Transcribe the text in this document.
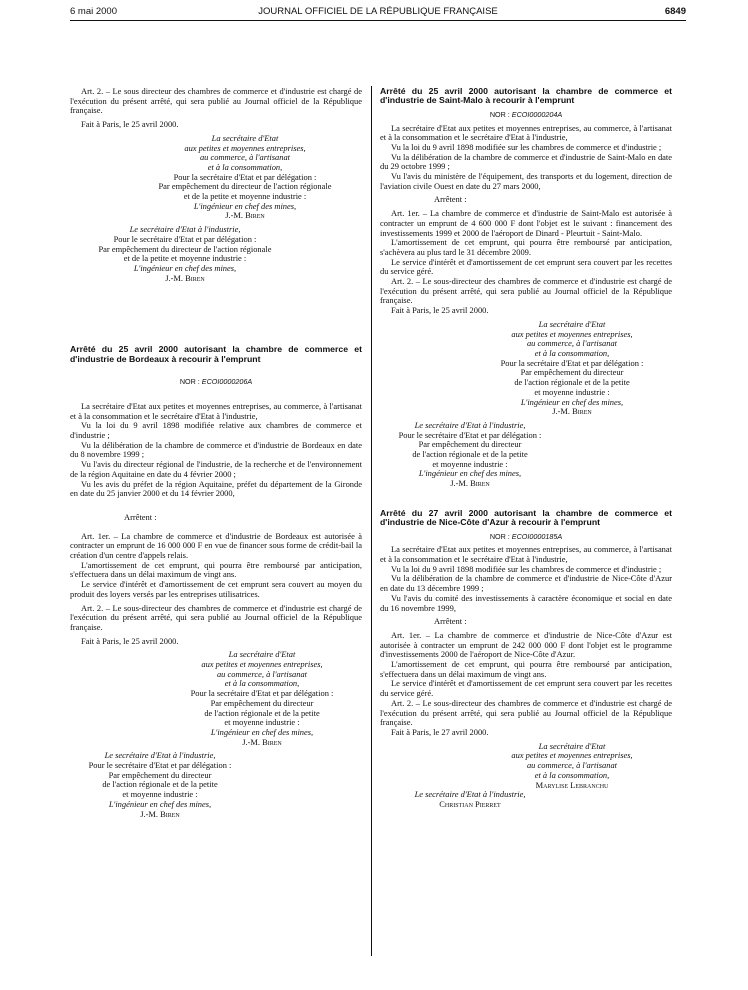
6 mai 2000	JOURNAL OFFICIEL DE LA RÉPUBLIQUE FRANÇAISE	6849

Art. 2. – Le sous directeur des chambres de commerce et d'industrie est chargé de l'exécution du présent arrêté, qui sera publié au Journal officiel de la République française.

Fait à Paris, le 25 avril 2000.

La secrétaire d'Etat
aux petites et moyennes entreprises,
au commerce, à l'artisanat
et à la consommation,
Pour la secrétaire d'Etat et par délégation :
Par empêchement du directeur de l'action régionale
et de la petite et moyenne industrie :
L'ingénieur en chef des mines,
J.-M. Biren
Le secrétaire d'Etat à l'industrie,
Pour le secrétaire d'Etat et par délégation :
Par empêchement du directeur de l'action régionale
et de la petite et moyenne industrie :
L'ingénieur en chef des mines,
J.-M. Biren

Arrêté du 25 avril 2000 autorisant la chambre de commerce et d'industrie de Bordeaux à recourir à l'emprunt

NOR : ECOI0000206A

La secrétaire d'Etat aux petites et moyennes entreprises, au commerce, à l'artisanat et à la consommation et le secrétaire d'Etat à l'industrie,

Vu la loi du 9 avril 1898 modifiée relative aux chambres de commerce et d'industrie ;

Vu la délibération de la chambre de commerce et d'industrie de Bordeaux en date du 8 novembre 1999 ;

Vu l'avis du directeur régional de l'industrie, de la recherche et de l'environnement de la région Aquitaine en date du 4 février 2000 ;

Vu les avis du préfet de la région Aquitaine, préfet du département de la Gironde en date du 25 janvier 2000 et du 14 février 2000,

Arrêtent :

Art. 1er. – La chambre de commerce et d'industrie de Bordeaux est autorisée à contracter un emprunt de 16 000 000 F en vue de financer sous forme de crédit-bail la création d'un centre d'appels relais.

L'amortissement de cet emprunt, qui pourra être remboursé par anticipation, s'effectuera dans un délai maximum de vingt ans.

Le service d'intérêt et d'amortissement de cet emprunt sera couvert au moyen du produit des loyers versés par les entreprises utilisatrices.

Art. 2. – Le sous-directeur des chambres de commerce et d'industrie est chargé de l'exécution du présent arrêté, qui sera publié au Journal officiel de la République française.

Fait à Paris, le 25 avril 2000.

La secrétaire d'Etat
aux petites et moyennes entreprises,
au commerce, à l'artisanat
et à la consommation,
Pour la secrétaire d'Etat et par délégation :
Par empêchement du directeur
de l'action régionale et de la petite
et moyenne industrie :
L'ingénieur en chef des mines,
J.-M. Biren
Le secrétaire d'Etat à l'industrie,
Pour le secrétaire d'Etat et par délégation :
Par empêchement du directeur
de l'action régionale et de la petite
et moyenne industrie :
L'ingénieur en chef des mines,
J.-M. Biren

Arrêté du 25 avril 2000 autorisant la chambre de commerce et d'industrie de Saint-Malo à recourir à l'emprunt

NOR : ECOI0000204A

La secrétaire d'Etat aux petites et moyennes entreprises, au commerce, à l'artisanat et à la consommation et le secrétaire d'Etat à l'industrie,

Vu la loi du 9 avril 1898 modifiée sur les chambres de commerce et d'industrie ;

Vu la délibération de la chambre de commerce et d'industrie de Saint-Malo en date du 29 octobre 1999 ;

Vu l'avis du ministère de l'équipement, des transports et du logement, direction de l'aviation civile Ouest en date du 27 mars 2000,

Arrêtent :

Art. 1er. – La chambre de commerce et d'industrie de Saint-Malo est autorisée à contracter un emprunt de 4 600 000 F dont l'objet est le suivant : financement des investissements 1999 et 2000 de l'aéroport de Dinard - Pleurtuit - Saint-Malo.

L'amortissement de cet emprunt, qui pourra être remboursé par anticipation, s'achèvera au plus tard le 31 décembre 2009.

Le service d'intérêt et d'amortissement de cet emprunt sera couvert par les recettes du service géré.

Art. 2. – Le sous-directeur des chambres de commerce et d'industrie est chargé de l'exécution du présent arrêté, qui sera publié au Journal officiel de la République française.

Fait à Paris, le 25 avril 2000.

La secrétaire d'Etat
aux petites et moyennes entreprises,
au commerce, à l'artisanat
et à la consommation,
Pour la secrétaire d'Etat et par délégation :
Par empêchement du directeur
de l'action régionale et de la petite
et moyenne industrie :
L'ingénieur en chef des mines,
J.-M. Biren
Le secrétaire d'Etat à l'industrie,
Pour le secrétaire d'Etat et par délégation :
Par empêchement du directeur
de l'action régionale et de la petite
et moyenne industrie :
L'ingénieur en chef des mines,
J.-M. Biren

Arrêté du 27 avril 2000 autorisant la chambre de commerce et d'industrie de Nice-Côte d'Azur à recourir à l'emprunt

NOR : ECOI0000185A

La secrétaire d'Etat aux petites et moyennes entreprises, au commerce, à l'artisanat et à la consommation et le secrétaire d'Etat à l'industrie,

Vu la loi du 9 avril 1898 modifiée sur les chambres de commerce et d'industrie ;

Vu la délibération de la chambre de commerce et d'industrie de Nice-Côte d'Azur en date du 13 décembre 1999 ;

Vu l'avis du comité des investissements à caractère économique et social en date du 16 novembre 1999,

Arrêtent :

Art. 1er. – La chambre de commerce et d'industrie de Nice-Côte d'Azur est autorisée à contracter un emprunt de 242 000 000 F dont l'objet est le programme d'investissements 2000 de l'aéroport de Nice-Côte d'Azur.

L'amortissement de cet emprunt, qui pourra être remboursé par anticipation, s'effectuera dans un délai maximum de vingt ans.

Le service d'intérêt et d'amortissement de cet emprunt sera couvert par les recettes du service géré.

Art. 2. – Le sous-directeur des chambres de commerce et d'industrie est chargé de l'exécution du présent arrêté, qui sera publié au Journal officiel de la République française.

Fait à Paris, le 27 avril 2000.

La secrétaire d'Etat
aux petites et moyennes entreprises,
au commerce, à l'artisanat
et à la consommation,
Marylise Lebranchu
Le secrétaire d'Etat à l'industrie,
Christian Pierret
